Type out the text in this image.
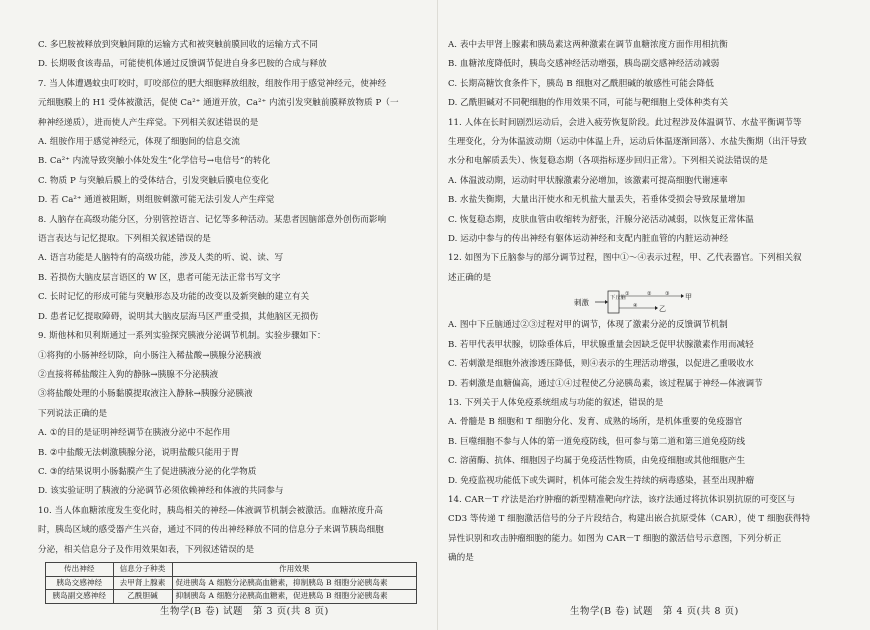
C. 多巴胺被释放到突触间隙的运输方式和被突触前膜回收的运输方式不同
D. 长期吸食该毒品，可能使机体通过反馈调节促进自身多巴胺的合成与释放
7. 当人体遭遇蚊虫叮咬时，叮咬部位的肥大细胞释放组胺，组胺作用于感觉神经元，使神经
元细胞膜上的 H1 受体被激活，促使 Ca²⁺ 通道开放，Ca²⁺ 内流引发突触前膜释放物质 P（一
种神经递质），进而使人产生痒觉。下列相关叙述错误的是
A. 组胺作用于感觉神经元，体现了细胞间的信息交流
B. Ca²⁺ 内流导致突触小体处发生“化学信号→电信号”的转化
C. 物质 P 与突触后膜上的受体结合，引发突触后膜电位变化
D. 若 Ca²⁺ 通道被阻断，则组胺刺激可能无法引发人产生痒觉
8. 人脑存在高级功能分区，分别管控语言、记忆等多种活动。某患者因脑部意外创伤而影响
语言表达与记忆提取。下列相关叙述错误的是
A. 语言功能是人脑特有的高级功能，涉及人类的听、说、读、写
B. 若损伤大脑皮层言语区的 W 区，患者可能无法正常书写文字
C. 长时记忆的形成可能与突触形态及功能的改变以及新突触的建立有关
D. 患者记忆提取障碍，说明其大脑皮层海马区严重受损，其他脑区无损伤
9. 斯他林和贝利斯通过一系列实验探究胰液分泌调节机制。实验步骤如下：
①将狗的小肠神经切除，向小肠注入稀盐酸→胰腺分泌胰液
②直接将稀盐酸注入狗的静脉→胰腺不分泌胰液
③将盐酸处理的小肠黏膜提取液注入静脉→胰腺分泌胰液
下列说法正确的是
A. ①的目的是证明神经调节在胰液分泌中不起作用
B. ②中盐酸无法刺激胰腺分泌，说明盐酸只能用于胃
C. ③的结果说明小肠黏膜产生了促进胰液分泌的化学物质
D. 该实验证明了胰液的分泌调节必须依赖神经和体液的共同参与
10. 当人体血糖浓度发生变化时，胰岛相关的神经—体液调节机制会被激活。血糖浓度升高
时，胰岛区域的感受器产生兴奋，通过不同的传出神经释放不同的信息分子来调节胰岛细胞
分泌，相关信息分子及作用效果如表，下列叙述错误的是
传出神经	信息分子种类	作用效果
胰岛交感神经	去甲肾上腺素	促进胰岛 A 细胞分泌胰高血糖素，抑制胰岛 B 细胞分泌胰岛素
胰岛副交感神经	乙酰胆碱	抑制胰岛 A 细胞分泌胰高血糖素，促进胰岛 B 细胞分泌胰岛素
A. 表中去甲肾上腺素和胰岛素这两种激素在调节血糖浓度方面作用相抗衡
B. 血糖浓度降低时，胰岛交感神经活动增强，胰岛副交感神经活动减弱
C. 长期高糖饮食条件下，胰岛 B 细胞对乙酰胆碱的敏感性可能会降低
D. 乙酰胆碱对不同靶细胞的作用效果不同，可能与靶细胞上受体种类有关
11. 人体在长时间剧烈运动后，会进入疲劳恢复阶段。此过程涉及体温调节、水盐平衡调节等
生理变化，分为体温波动期（运动中体温上升，运动后体温逐渐回落）、水盐失衡期（出汗导致
水分和电解质丢失）、恢复稳态期（各项指标逐步回归正常）。下列相关说法错误的是
A. 体温波动期，运动时甲状腺激素分泌增加，该激素可提高细胞代谢速率
B. 水盐失衡期，大量出汗使水和无机盐大量丢失，若垂体受损会导致尿量增加
C. 恢复稳态期，皮肤血管由收缩转为舒张，汗腺分泌活动减弱，以恢复正常体温
D. 运动中参与的传出神经有躯体运动神经和支配内脏血管的内脏运动神经
12. 如图为下丘脑参与的部分调节过程，图中①～④表示过程，甲、乙代表器官。下列相关叙
述正确的是
刺激	下丘脑
①	②	③
④
甲
乙
A. 图中下丘脑通过②③过程对甲的调节，体现了激素分泌的反馈调节机制
B. 若甲代表甲状腺，切除垂体后，甲状腺重量会因缺乏促甲状腺激素作用而减轻
C. 若刺激是细胞外液渗透压降低，则④表示的生理活动增强，以促进乙重吸收水
D. 若刺激是血糖偏高，通过①④过程使乙分泌胰岛素，该过程属于神经—体液调节
13. 下列关于人体免疫系统组成与功能的叙述，错误的是
A. 骨髓是 B 细胞和 T 细胞分化、发育、成熟的场所，是机体重要的免疫器官
B. 巨噬细胞不参与人体的第一道免疫防线，但可参与第二道和第三道免疫防线
C. 溶菌酶、抗体、细胞因子均属于免疫活性物质，由免疫细胞或其他细胞产生
D. 免疫监视功能低下或失调时，机体可能会发生持续的病毒感染，甚至出现肿瘤
14. CAR－T 疗法是治疗肿瘤的新型精准靶向疗法，该疗法通过将抗体识别抗原的可变区与
CD3 等传递 T 细胞激活信号的分子片段结合，构建出嵌合抗原受体（CAR），使 T 细胞获得特
异性识别和攻击肿瘤细胞的能力。如图为 CAR－T 细胞的激活信号示意图，下列分析正
确的是
生物学(B 卷) 试题　第 3 页(共 8 页)	生物学(B 卷) 试题　第 4 页(共 8 页)
